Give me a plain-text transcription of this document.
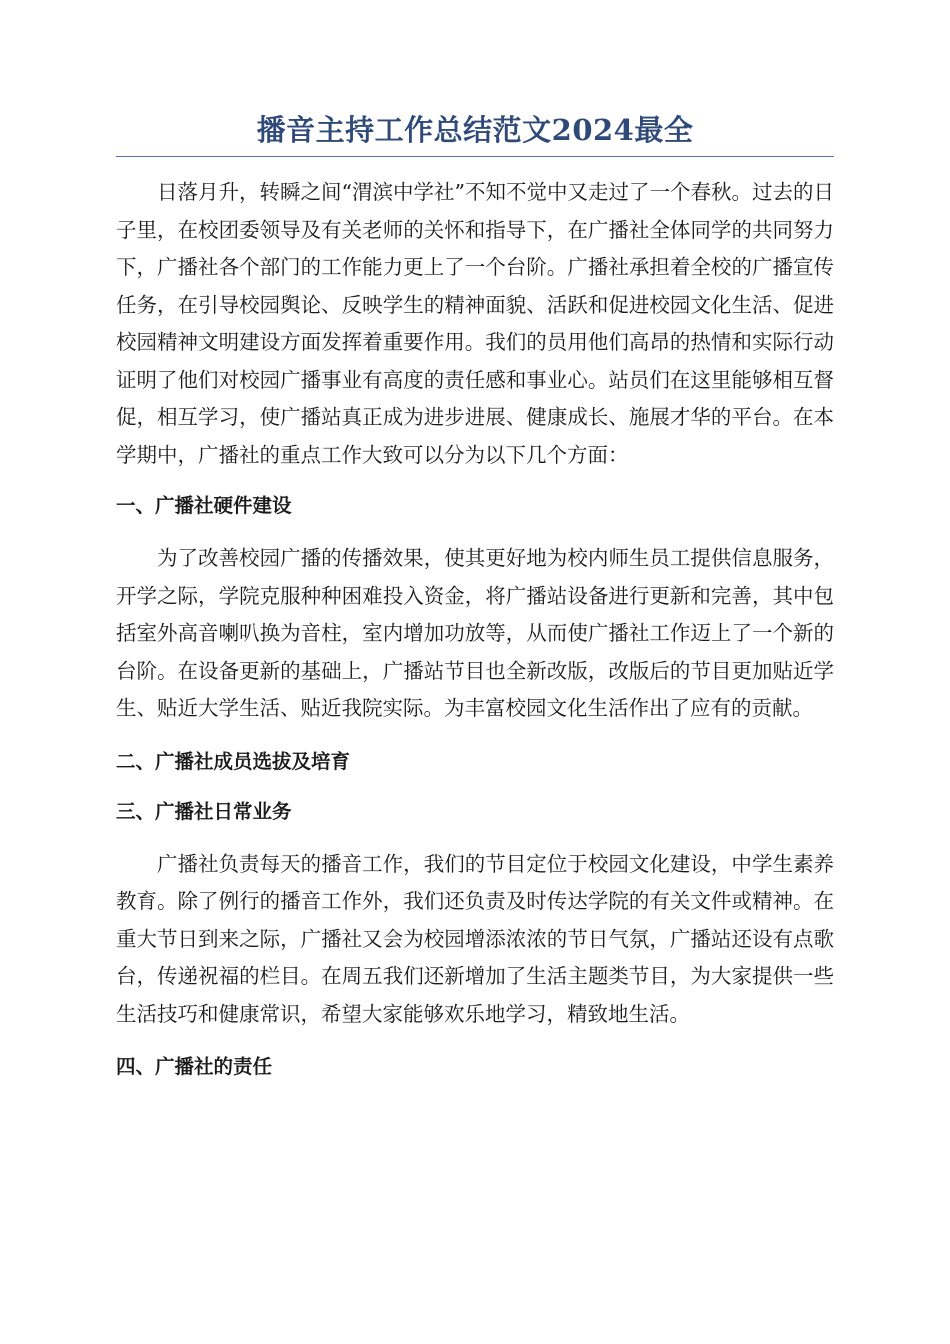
播音主持工作总结范文2024最全

日落月升，转瞬之间“渭滨中学社”不知不觉中又走过了一个春秋。过去的日子里，在校团委领导及有关老师的关怀和指导下，在广播社全体同学的共同努力下，广播社各个部门的工作能力更上了一个台阶。广播社承担着全校的广播宣传任务，在引导校园舆论、反映学生的精神面貌、活跃和促进校园文化生活、促进校园精神文明建设方面发挥着重要作用。我们的员用他们高昂的热情和实际行动证明了他们对校园广播事业有高度的责任感和事业心。站员们在这里能够相互督促，相互学习，使广播站真正成为进步进展、健康成长、施展才华的平台。在本学期中，广播社的重点工作大致可以分为以下几个方面：

一、广播社硬件建设

为了改善校园广播的传播效果，使其更好地为校内师生员工提供信息服务，开学之际，学院克服种种困难投入资金，将广播站设备进行更新和完善，其中包括室外高音喇叭换为音柱，室内增加功放等，从而使广播社工作迈上了一个新的台阶。在设备更新的基础上，广播站节目也全新改版，改版后的节目更加贴近学生、贴近大学生活、贴近我院实际。为丰富校园文化生活作出了应有的贡献。

二、广播社成员选拔及培育
三、广播社日常业务

广播社负责每天的播音工作，我们的节目定位于校园文化建设，中学生素养教育。除了例行的播音工作外，我们还负责及时传达学院的有关文件或精神。在重大节日到来之际，广播社又会为校园增添浓浓的节日气氛，广播站还设有点歌台，传递祝福的栏目。在周五我们还新增加了生活主题类节目，为大家提供一些生活技巧和健康常识，希望大家能够欢乐地学习，精致地生活。

四、广播社的责任
